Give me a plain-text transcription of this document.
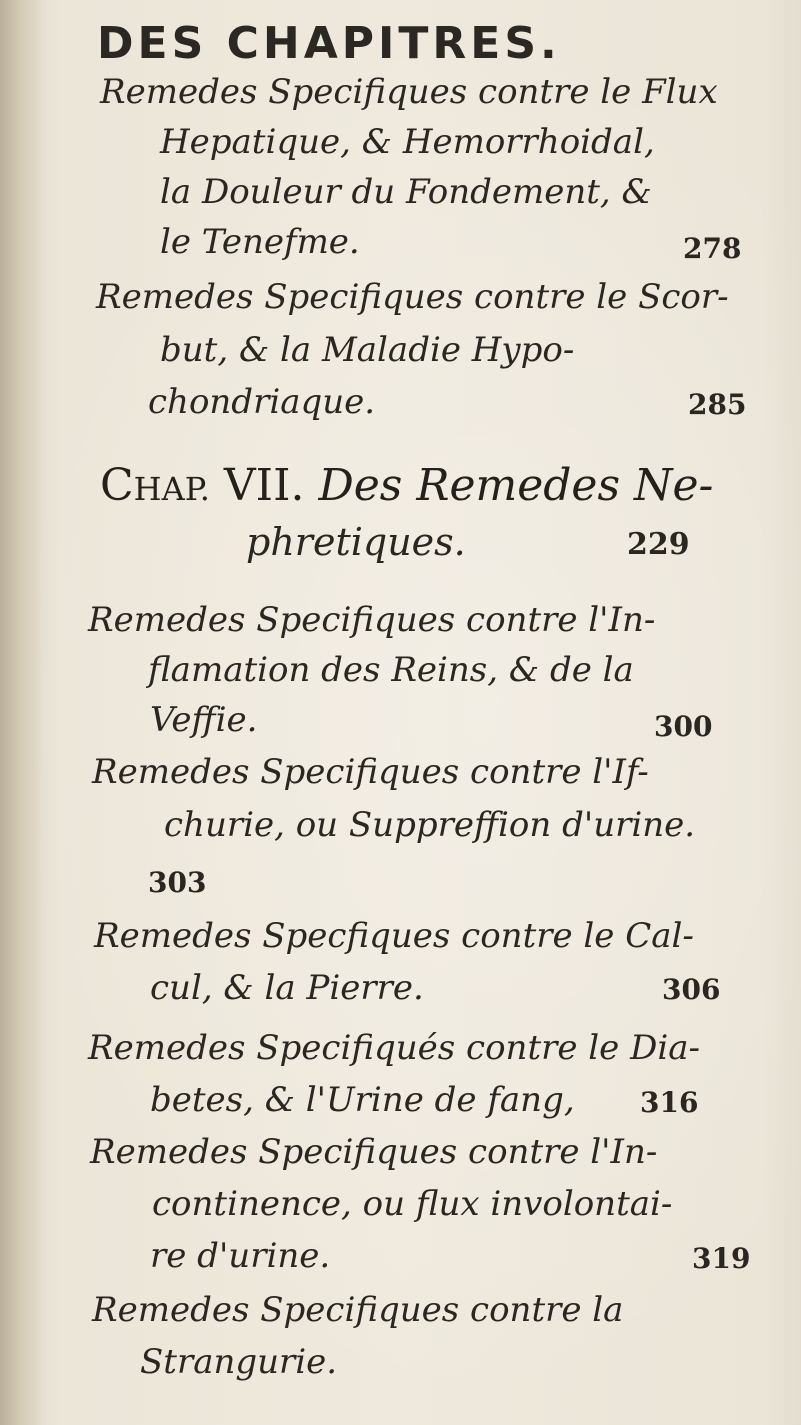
DES CHAPITRES.
Remedes Specifiques contre le Flux
Hepatique, & Hemorrhoidal,
la Douleur du Fondement, &
le Tenefme.	278
Remedes Specifiques contre le Scor-
but, & la Maladie Hypo-
chondriaque.	285
CHAP. VII. Des Remedes Ne-
phretiques.	229
Remedes Specifiques contre l'In-
flamation des Reins, & de la
Veffie.	300
Remedes Specifiques contre l'If-
churie, ou Suppreffion d'urine.
303
Remedes Specfiques contre le Cal-
cul, & la Pierre.	306
Remedes Specifiqués contre le Dia-
betes, & l'Urine de fang, 316
Remedes Specifiques contre l'In-
continence, ou flux involontai-
re d'urine.	319
Remedes Specifiques contre la
Strangurie.
